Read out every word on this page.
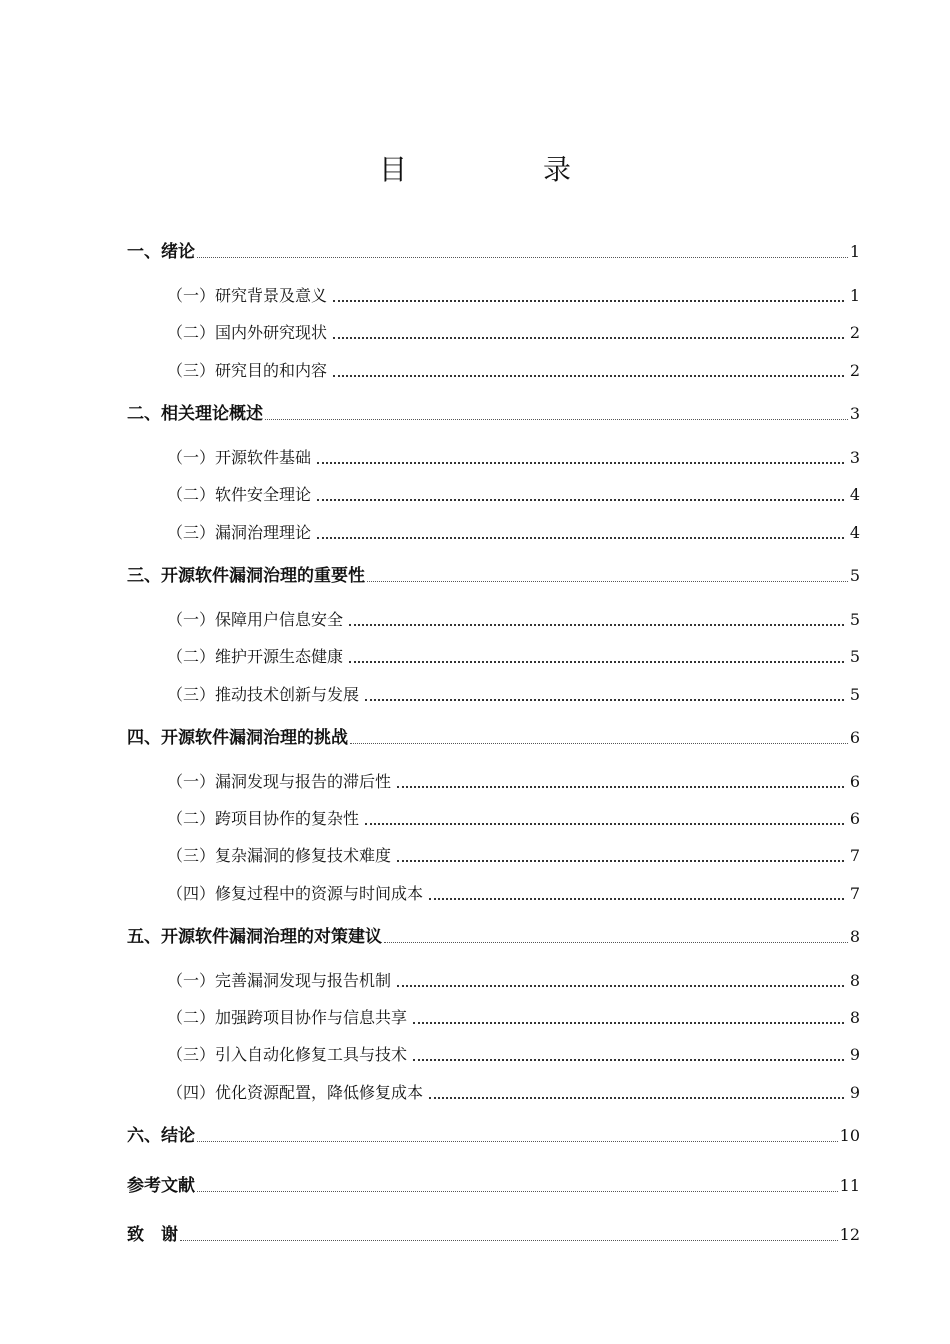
目　录
一、绪论	1
（一）研究背景及意义	1
（二）国内外研究现状	2
（三）研究目的和内容	2
二、相关理论概述	3
（一）开源软件基础	3
（二）软件安全理论	4
（三）漏洞治理理论	4
三、开源软件漏洞治理的重要性	5
（一）保障用户信息安全	5
（二）维护开源生态健康	5
（三）推动技术创新与发展	5
四、开源软件漏洞治理的挑战	6
（一）漏洞发现与报告的滞后性	6
（二）跨项目协作的复杂性	6
（三）复杂漏洞的修复技术难度	7
（四）修复过程中的资源与时间成本	7
五、开源软件漏洞治理的对策建议	8
（一）完善漏洞发现与报告机制	8
（二）加强跨项目协作与信息共享	8
（三）引入自动化修复工具与技术	9
（四）优化资源配置，降低修复成本	9
六、结论	10
参考文献	11
致　谢	12
